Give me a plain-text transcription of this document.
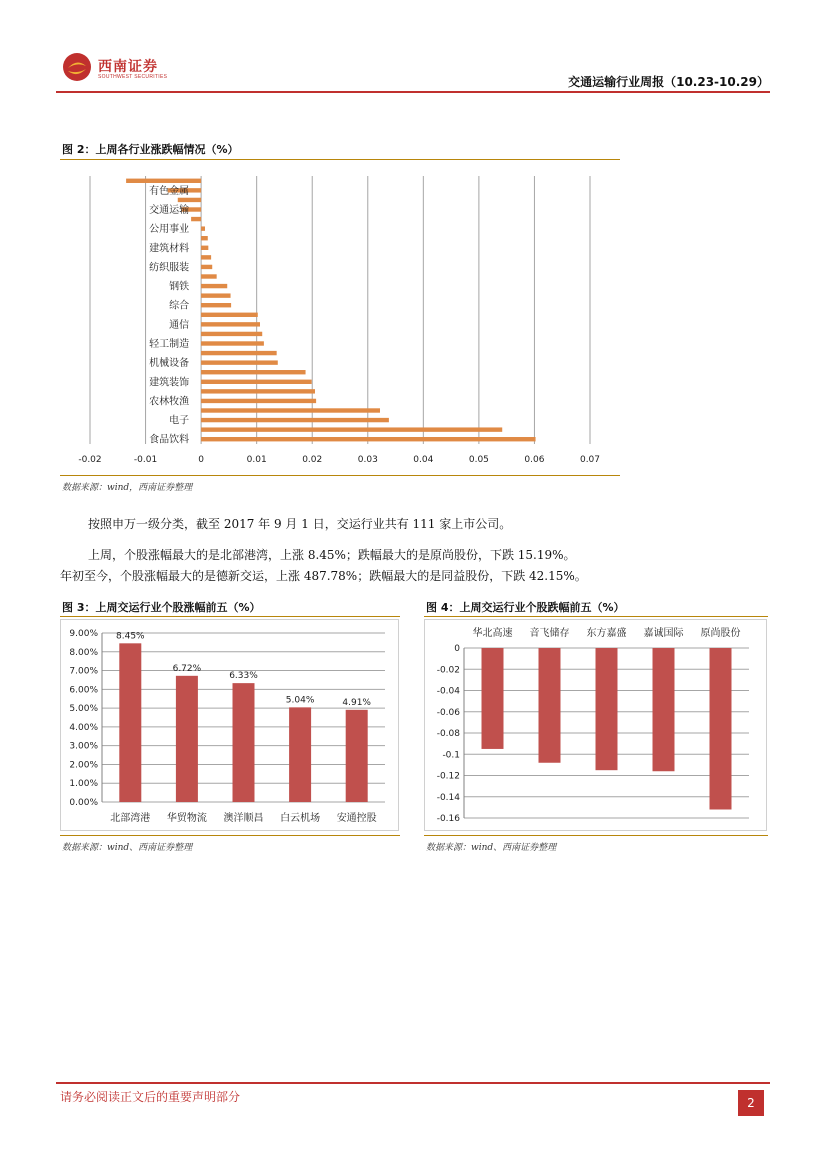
西南证券
SOUTHWEST SECURITIES	交通运输行业周报（10.23-10.29）
图 2：上周各行业涨跌幅情况（%）
-0.02	-0.01	0	0.01	0.02	0.03	0.04	0.05	0.06	0.07
有色金属
交通运输
公用事业
建筑材料
纺织服装
钢铁
综合
通信
轻工制造
机械设备
建筑装饰
农林牧渔
电子
食品饮料
数据来源：wind，西南证券整理
按照申万一级分类，截至 2017 年 9 月 1 日，交运行业共有 111 家上市公司。
上周，个股涨幅最大的是北部港湾，上涨 8.45%；跌幅最大的是原尚股份，下跌 15.19%。
年初至今，个股涨幅最大的是德新交运，上涨 487.78%；跌幅最大的是同益股份，下跌 42.15%。
图 3：上周交运行业个股涨幅前五（%）
0.00%
1.00%
2.00%
3.00%
4.00%
5.00%
6.00%
7.00%
8.00%
9.00% 8.45%
北部湾港
6.72%
华贸物流
6.33%
澳洋顺昌
5.04%
白云机场
4.91%
安通控股
数据来源：wind、西南证券整理
图 4：上周交运行业个股跌幅前五（%）
0
-0.02
-0.04
-0.06
-0.08
-0.1
-0.12
-0.14
-0.16
华北高速 音飞储存 东方嘉盛 嘉诚国际 原尚股份
数据来源：wind、西南证券整理
请务必阅读正文后的重要声明部分	2
